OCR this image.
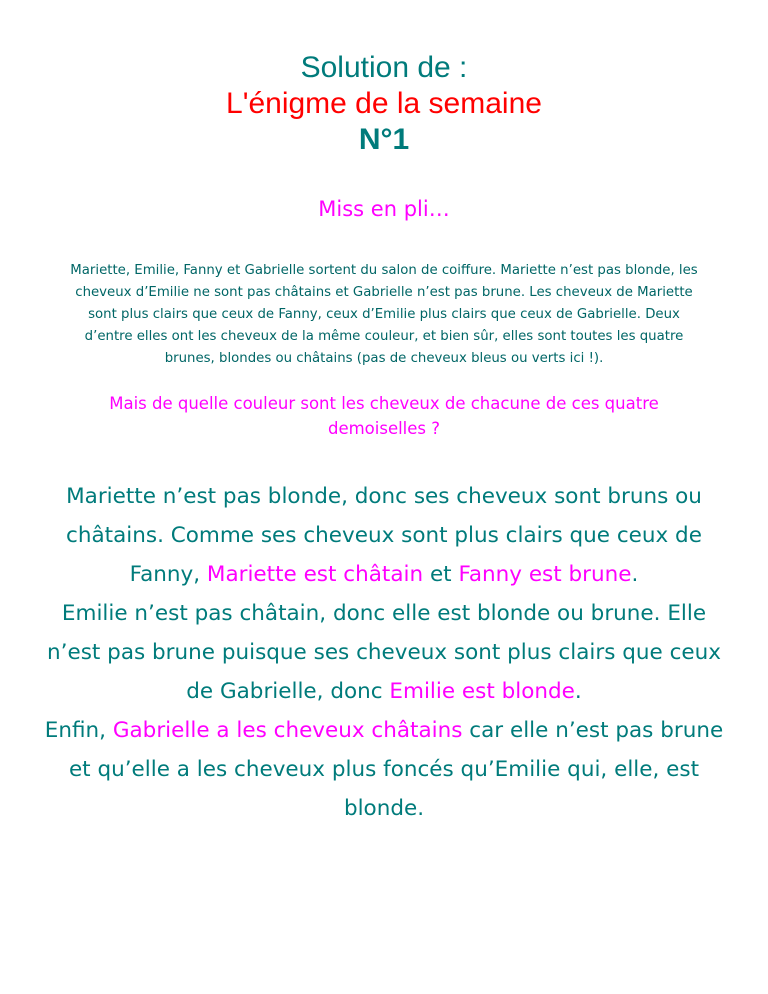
Solution de :
L'énigme de la semaine
N°1
Miss en pli…
Mariette, Emilie, Fanny et Gabrielle sortent du salon de coiffure. Mariette n’est pas blonde, les cheveux d’Emilie ne sont pas châtains et Gabrielle n’est pas brune. Les cheveux de Mariette sont plus clairs que ceux de Fanny, ceux d’Emilie plus clairs que ceux de Gabrielle. Deux d’entre elles ont les cheveux de la même couleur, et bien sûr, elles sont toutes les quatre brunes, blondes ou châtains (pas de cheveux bleus ou verts ici !).
Mais de quelle couleur sont les cheveux de chacune de ces quatre demoiselles ?
Mariette n’est pas blonde, donc ses cheveux sont bruns ou châtains. Comme ses cheveux sont plus clairs que ceux de Fanny, Mariette est châtain et Fanny est brune.
Emilie n’est pas châtain, donc elle est blonde ou brune. Elle n’est pas brune puisque ses cheveux sont plus clairs que ceux de Gabrielle, donc Emilie est blonde.
Enfin, Gabrielle a les cheveux châtains car elle n’est pas brune et qu’elle a les cheveux plus foncés qu’Emilie qui, elle, est blonde.
